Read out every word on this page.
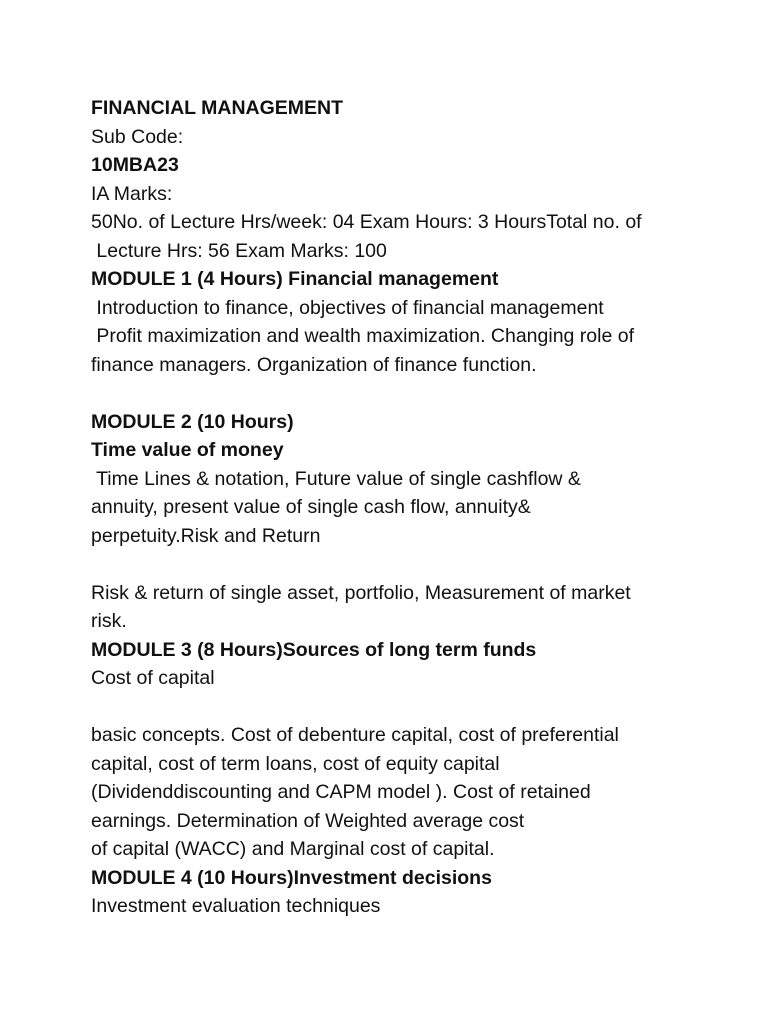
FINANCIAL MANAGEMENT
Sub Code:
10MBA23
IA Marks:
50No. of Lecture Hrs/week: 04 Exam Hours: 3 HoursTotal no. of
Lecture Hrs: 56 Exam Marks: 100
MODULE 1 (4 Hours) Financial management
Introduction to finance, objectives of financial management
Profit maximization and wealth maximization. Changing role of
finance managers. Organization of finance function.
MODULE 2 (10 Hours)
Time value of money
Time Lines & notation, Future value of single cashflow &
annuity, present value of single cash flow, annuity&
perpetuity.Risk and Return
Risk & return of single asset, portfolio, Measurement of market
risk.
MODULE 3 (8 Hours)Sources of long term funds
Cost of capital
basic concepts. Cost of debenture capital, cost of preferential
capital, cost of term loans, cost of equity capital
(Dividenddiscounting and CAPM model ). Cost of retained
earnings. Determination of Weighted average cost
of capital (WACC) and Marginal cost of capital.
MODULE 4 (10 Hours)Investment decisions
Investment evaluation techniques
